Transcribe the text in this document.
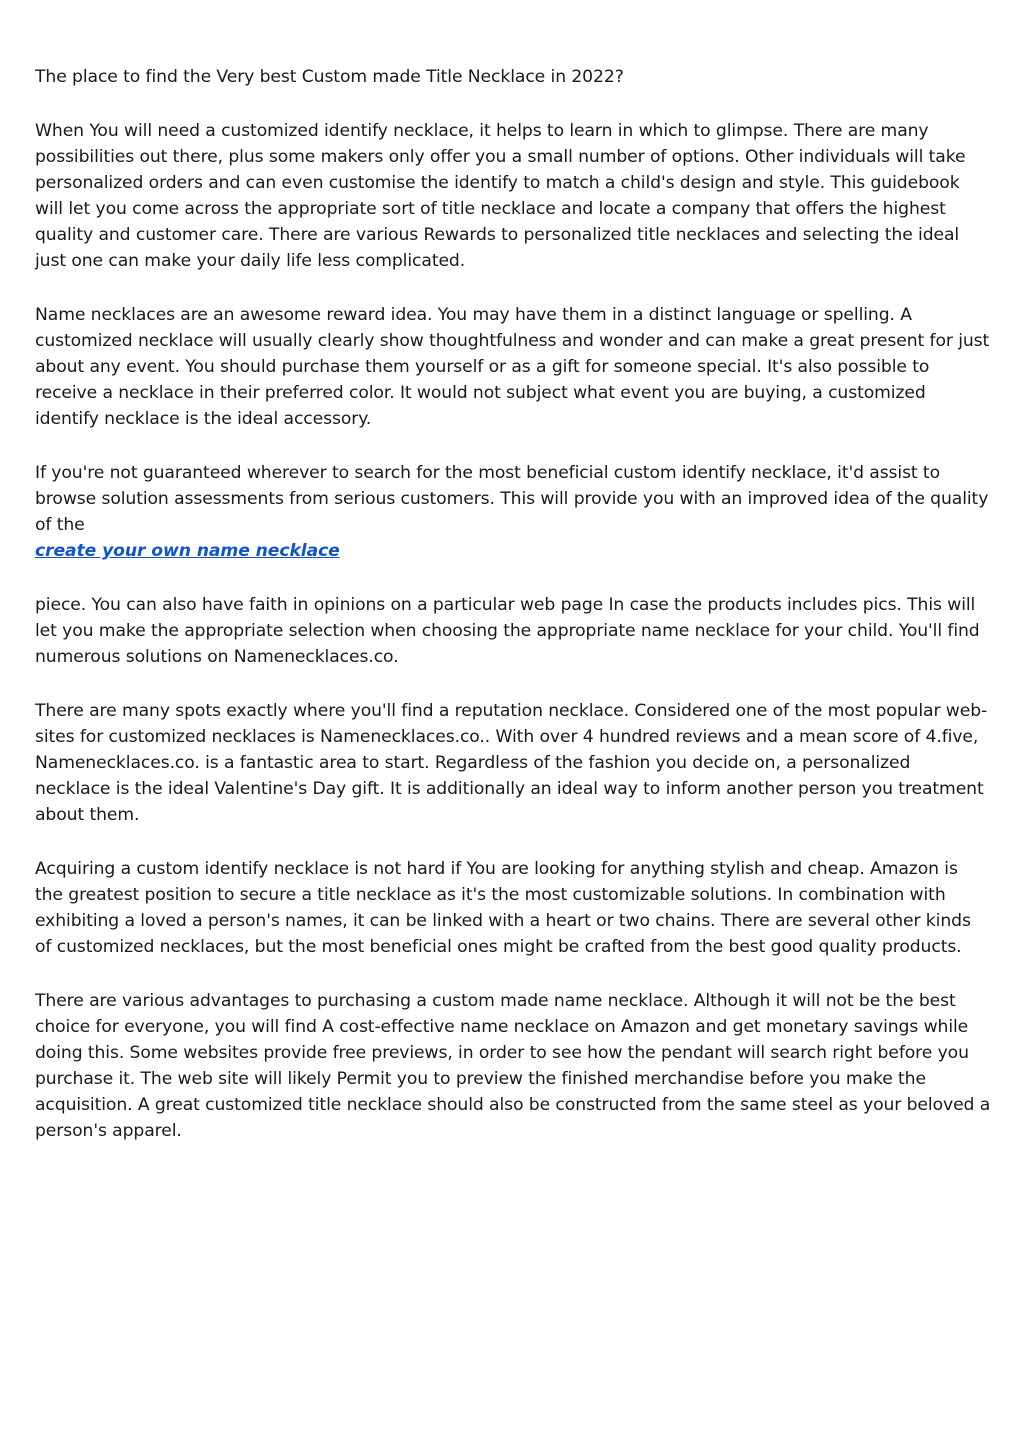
The place to find the Very best Custom made Title Necklace in 2022?

When You will need a customized identify necklace, it helps to learn in which to glimpse. There are many possibilities out there, plus some makers only offer you a small number of options. Other individuals will take personalized orders and can even customise the identify to match a child's design and style. This guidebook will let you come across the appropriate sort of title necklace and locate a company that offers the highest quality and customer care. There are various Rewards to personalized title necklaces and selecting the ideal just one can make your daily life less complicated.

Name necklaces are an awesome reward idea. You may have them in a distinct language or spelling. A customized necklace will usually clearly show thoughtfulness and wonder and can make a great present for just about any event. You should purchase them yourself or as a gift for someone special. It's also possible to receive a necklace in their preferred color. It would not subject what event you are buying, a customized identify necklace is the ideal accessory.

If you're not guaranteed wherever to search for the most beneficial custom identify necklace, it'd assist to browse solution assessments from serious customers. This will provide you with an improved idea of the quality of the

create your own name necklace

piece. You can also have faith in opinions on a particular web page In case the products includes pics. This will let you make the appropriate selection when choosing the appropriate name necklace for your child. You'll find numerous solutions on Namenecklaces.co.

There are many spots exactly where you'll find a reputation necklace. Considered one of the most popular web-sites for customized necklaces is Namenecklaces.co.. With over 4 hundred reviews and a mean score of 4.five, Namenecklaces.co. is a fantastic area to start. Regardless of the fashion you decide on, a personalized necklace is the ideal Valentine's Day gift. It is additionally an ideal way to inform another person you treatment about them.

Acquiring a custom identify necklace is not hard if You are looking for anything stylish and cheap. Amazon is the greatest position to secure a title necklace as it's the most customizable solutions. In combination with exhibiting a loved a person's names, it can be linked with a heart or two chains. There are several other kinds of customized necklaces, but the most beneficial ones might be crafted from the best good quality products.

There are various advantages to purchasing a custom made name necklace. Although it will not be the best choice for everyone, you will find A cost-effective name necklace on Amazon and get monetary savings while doing this. Some websites provide free previews, in order to see how the pendant will search right before you purchase it. The web site will likely Permit you to preview the finished merchandise before you make the acquisition. A great customized title necklace should also be constructed from the same steel as your beloved a person's apparel.
